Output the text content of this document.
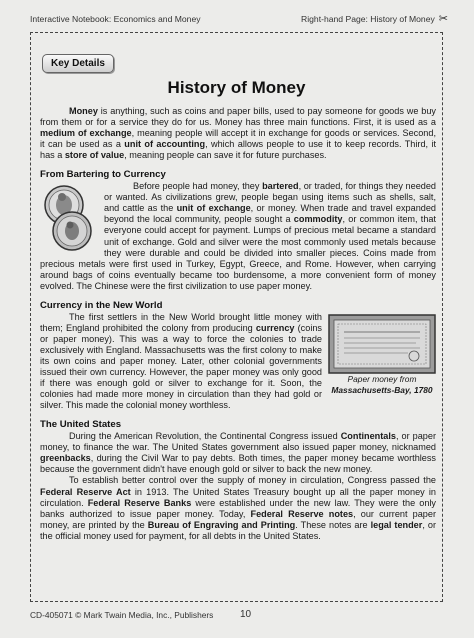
Interactive Notebook: Economics and Money	Right-hand Page: History of Money ✂
Key Details
History of Money

Money is anything, such as coins and paper bills, used to pay someone for goods we buy from them or for a service they do for us. Money has three main functions. First, it is used as a medium of exchange, meaning people will accept it in exchange for goods or services. Second, it can be used as a unit of accounting, which allows people to use it to keep records. Third, it has a store of value, meaning people can save it for future purchases.

From Bartering to Currency

Before people had money, they bartered, or traded, for things they needed or wanted. As civilizations grew, people began using items such as shells, salt, and cattle as the unit of exchange, or money. When trade and travel expanded beyond the local community, people sought a commodity, or common item, that everyone could accept for payment. Lumps of precious metal became a standard unit of exchange. Gold and silver were the most commonly used metals because they were durable and could be divided into smaller pieces. Coins made from precious metals were first used in Turkey, Egypt, Greece, and Rome. However, when carrying around bags of coins eventually became too burdensome, a more convenient form of money evolved. The Chinese were the first civilization to use paper money.

Currency in the New World

Paper money from
Massachusetts-Bay, 1780
The first settlers in the New World brought little money with them; England prohibited the colony from producing currency (coins or paper money). This was a way to force the colonies to trade exclusively with England. Massachusetts was the first colony to make its own coins and paper money. Later, other colonial governments issued their own currency. However, the paper money was only good if there was enough gold or silver to exchange for it. Soon, the colonies had made more money in circulation than they had gold or silver. This made the colonial money worthless.

The United States

During the American Revolution, the Continental Congress issued Continentals, or paper money, to finance the war. The United States government also issued paper money, nicknamed greenbacks, during the Civil War to pay debts. Both times, the paper money became worthless because the government didn't have enough gold or silver to back the new money.

To establish better control over the supply of money in circulation, Congress passed the Federal Reserve Act in 1913. The United States Treasury bought up all the paper money in circulation. Federal Reserve Banks were established under the new law. They were the only banks authorized to issue paper money. Today, Federal Reserve notes, our current paper money, are printed by the Bureau of Engraving and Printing. These notes are legal tender, or the official money used for payment, for all debts in the United States.

CD-405071 © Mark Twain Media, Inc., Publishers	10
